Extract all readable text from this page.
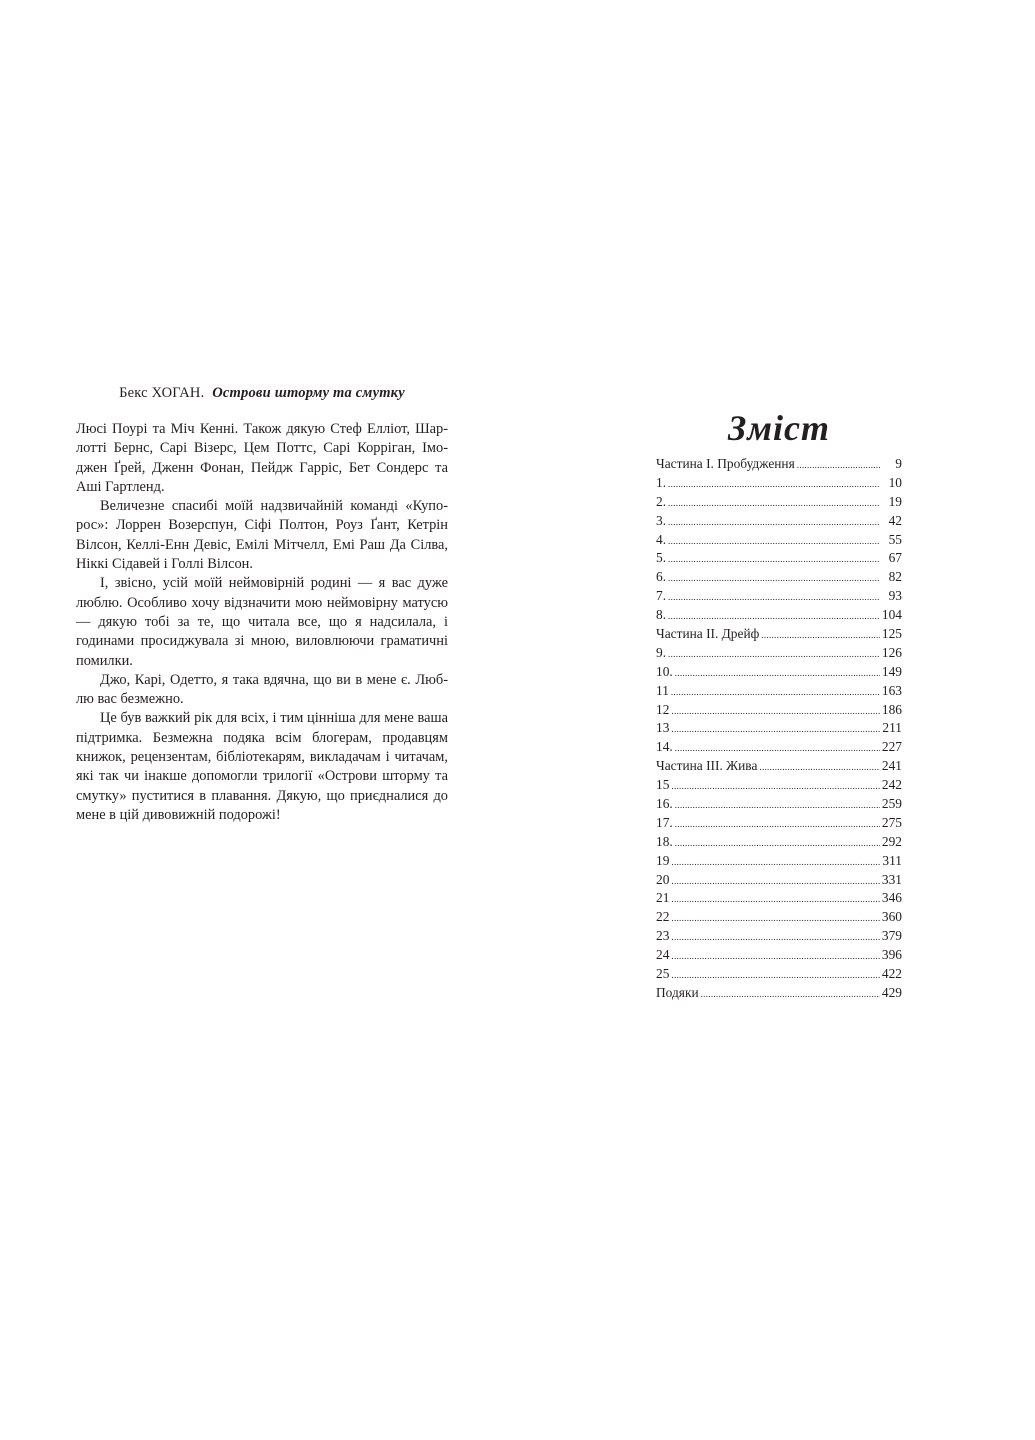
Бекс ХОГАН. Острови шторму та смутку

Люсі Поурі та Міч Кенні. Також дякую Стеф Елліот, Шарлотті Бернс, Сарі Візерс, Цем Поттс, Сарі Корріган, Імоджен Ґрей, Дженн Фонан, Пейдж Гарріс, Бет Сондерс та Аші Гартленд.

Величезне спасибі моїй надзвичайній команді «Купорос»: Лоррен Возерспун, Сіфі Полтон, Роуз Ґант, Кетрін Вілсон, Келлі-Енн Девіс, Емілі Мітчелл, Емі Раш Да Сілва, Ніккі Сідавей і Голлі Вілсон.

І, звісно, усій моїй неймовірній родині — я вас дуже люблю. Особливо хочу відзначити мою неймовірну матусю — дякую тобі за те, що читала все, що я надсилала, і годинами просиджувала зі мною, виловлюючи граматичні помилки.

Джо, Карі, Одетто, я така вдячна, що ви в мене є. Люблю вас безмежно.

Це був важкий рік для всіх, і тим цінніша для мене ваша підтримка. Безмежна подяка всім блогерам, продавцям книжок, рецензентам, бібліотекарям, викладачам і читачам, які так чи інакше допомогли трилогії «Острови шторму та смутку» пуститися в плавання. Дякую, що приєдналися до мене в цій дивовижній подорожі!

Зміст
Частина І. Пробудження .....	9
1. .....	10
2. .....	19
3. .....	42
4. .....	55
5. .....	67
6. .....	82
7. .....	93
8. .....	104
Частина ІІ. Дрейф .....	125
9. .....	126
10. .....	149
11 .....	163
12 .....	186
13 .....	211
14. .....	227
Частина ІІІ. Жива .....	241
15 .....	242
16. .....	259
17. .....	275
18. .....	292
19 .....	311
20 .....	331
21 .....	346
22 .....	360
23 .....	379
24 .....	396
25 .....	422
Подяки .....	429
